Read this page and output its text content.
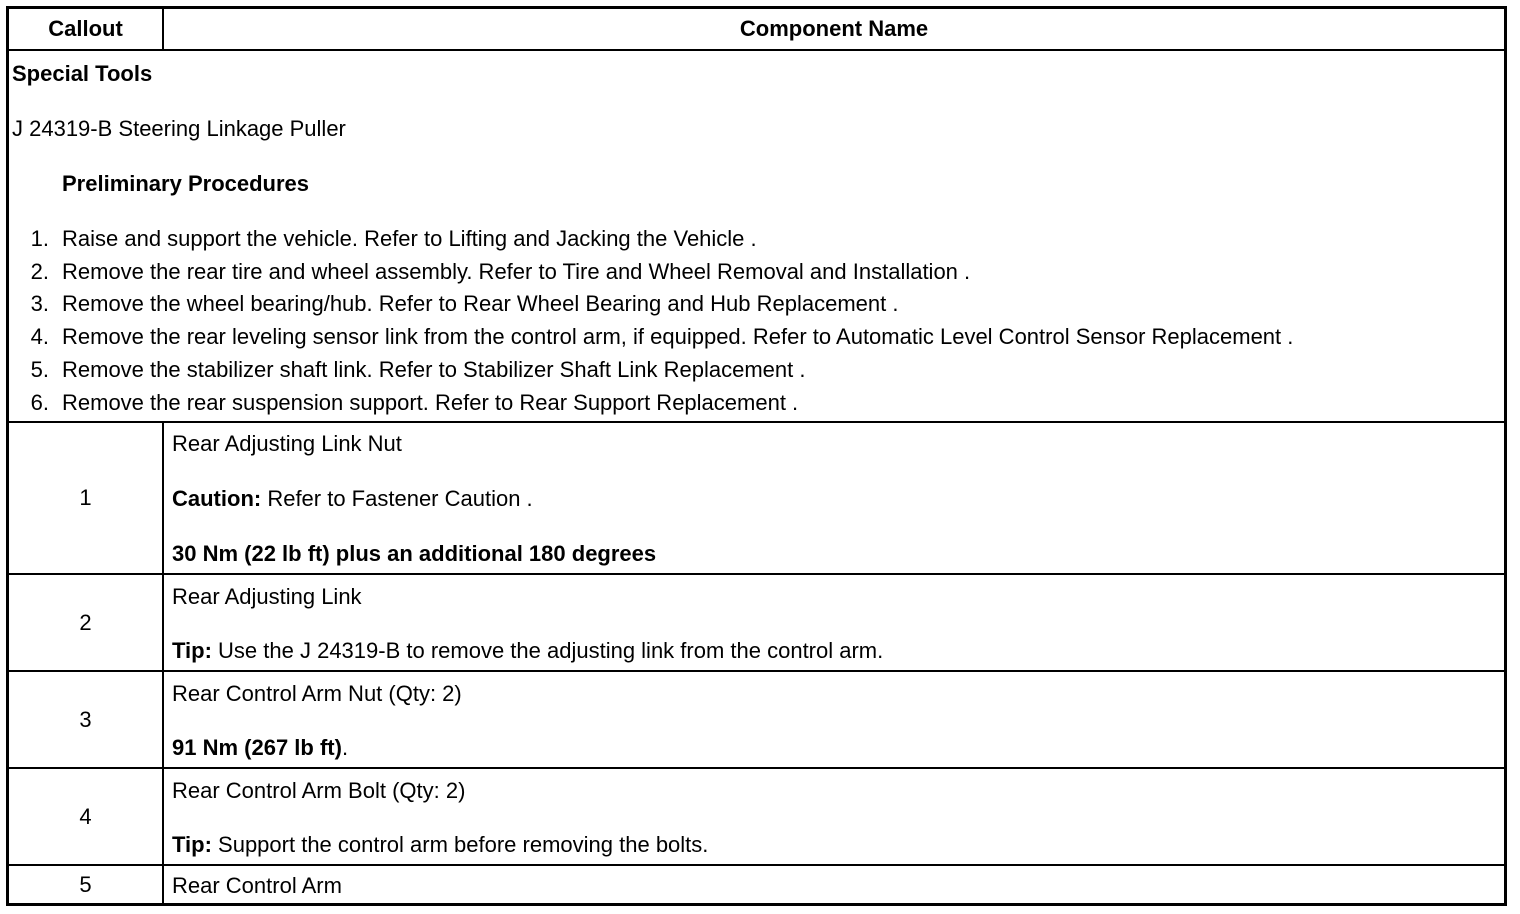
Callout	Component Name
Special Tools
J 24319-B Steering Linkage Puller
Preliminary Procedures
1. Raise and support the vehicle. Refer to Lifting and Jacking the Vehicle .
2. Remove the rear tire and wheel assembly. Refer to Tire and Wheel Removal and Installation .
3. Remove the wheel bearing/hub. Refer to Rear Wheel Bearing and Hub Replacement .
4. Remove the rear leveling sensor link from the control arm, if equipped. Refer to Automatic Level Control Sensor Replacement .
5. Remove the stabilizer shaft link. Refer to Stabilizer Shaft Link Replacement .
6. Remove the rear suspension support. Refer to Rear Support Replacement .
1
Rear Adjusting Link Nut
Caution: Refer to Fastener Caution .
30 Nm (22 lb ft) plus an additional 180 degrees
2
Rear Adjusting Link
Tip: Use the J 24319-B to remove the adjusting link from the control arm.
3
Rear Control Arm Nut (Qty: 2)
91 Nm (267 lb ft).
4
Rear Control Arm Bolt (Qty: 2)
Tip: Support the control arm before removing the bolts.
5	Rear Control Arm
